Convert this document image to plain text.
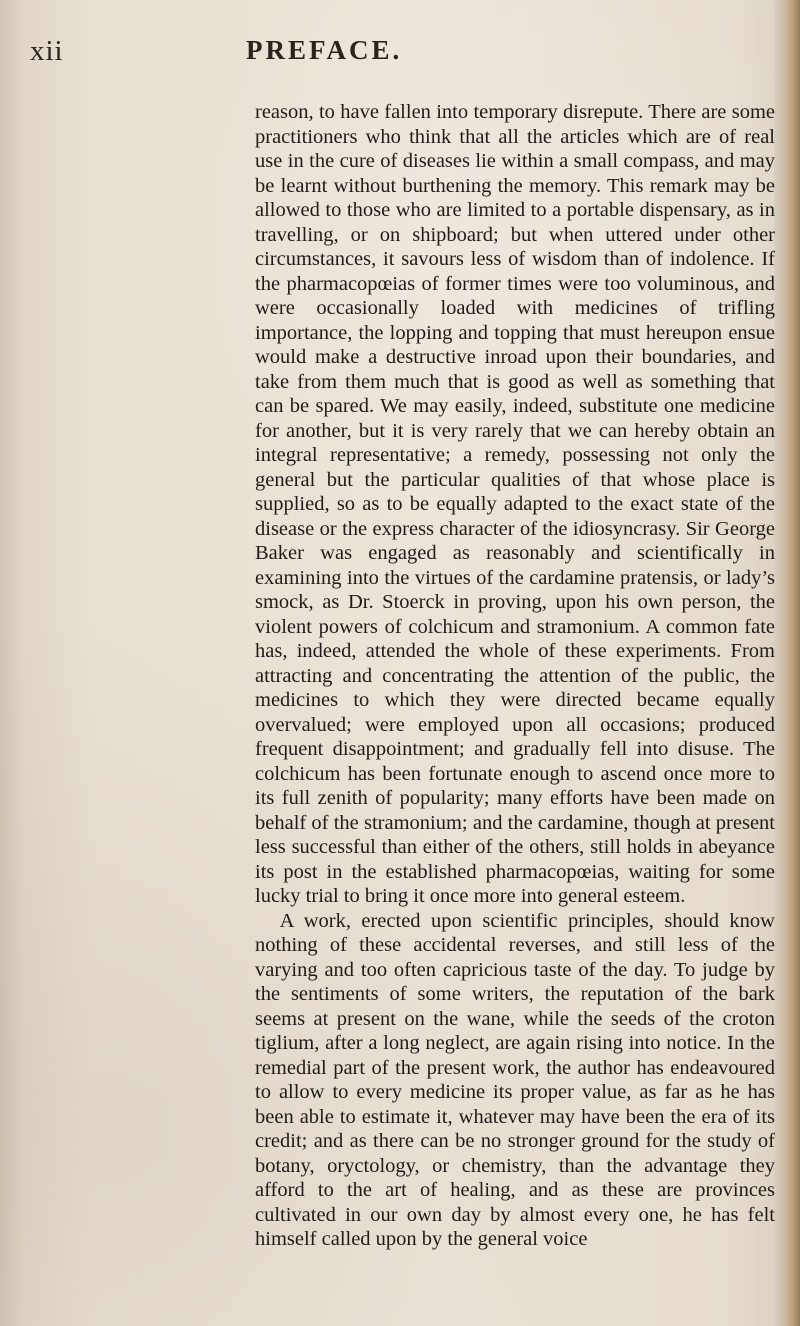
xii	PREFACE.

reason, to have fallen into temporary disrepute. There are some practitioners who think that all the articles which are of real use in the cure of diseases lie within a small compass, and may be learnt without burthening the memory. This remark may be allowed to those who are limited to a portable dispensary, as in travelling, or on shipboard; but when uttered under other circumstances, it savours less of wisdom than of indolence. If the pharmacopœias of former times were too voluminous, and were occasionally loaded with medicines of trifling importance, the lopping and topping that must hereupon ensue would make a destructive inroad upon their boundaries, and take from them much that is good as well as something that can be spared. We may easily, indeed, substitute one medicine for another, but it is very rarely that we can hereby obtain an integral representative; a remedy, possessing not only the general but the particular qualities of that whose place is supplied, so as to be equally adapted to the exact state of the disease or the express character of the idiosyncrasy. Sir George Baker was engaged as reasonably and scientifically in examining into the virtues of the cardamine pratensis, or lady’s smock, as Dr. Stoerck in proving, upon his own person, the violent powers of colchicum and stramonium. A common fate has, indeed, attended the whole of these experiments. From attracting and concentrating the attention of the public, the medicines to which they were directed became equally overvalued; were employed upon all occasions; produced frequent disappointment; and gradually fell into disuse. The colchicum has been fortunate enough to ascend once more to its full zenith of popularity; many efforts have been made on behalf of the stramonium; and the cardamine, though at present less successful than either of the others, still holds in abeyance its post in the established pharmacopœias, waiting for some lucky trial to bring it once more into general esteem.

A work, erected upon scientific principles, should know nothing of these accidental reverses, and still less of the varying and too often capricious taste of the day. To judge by the sentiments of some writers, the reputation of the bark seems at present on the wane, while the seeds of the croton tiglium, after a long neglect, are again rising into notice. In the remedial part of the present work, the author has endeavoured to allow to every medicine its proper value, as far as he has been able to estimate it, whatever may have been the era of its credit; and as there can be no stronger ground for the study of botany, oryctology, or chemistry, than the advantage they afford to the art of healing, and as these are provinces cultivated in our own day by almost every one, he has felt himself called upon by the general voice
